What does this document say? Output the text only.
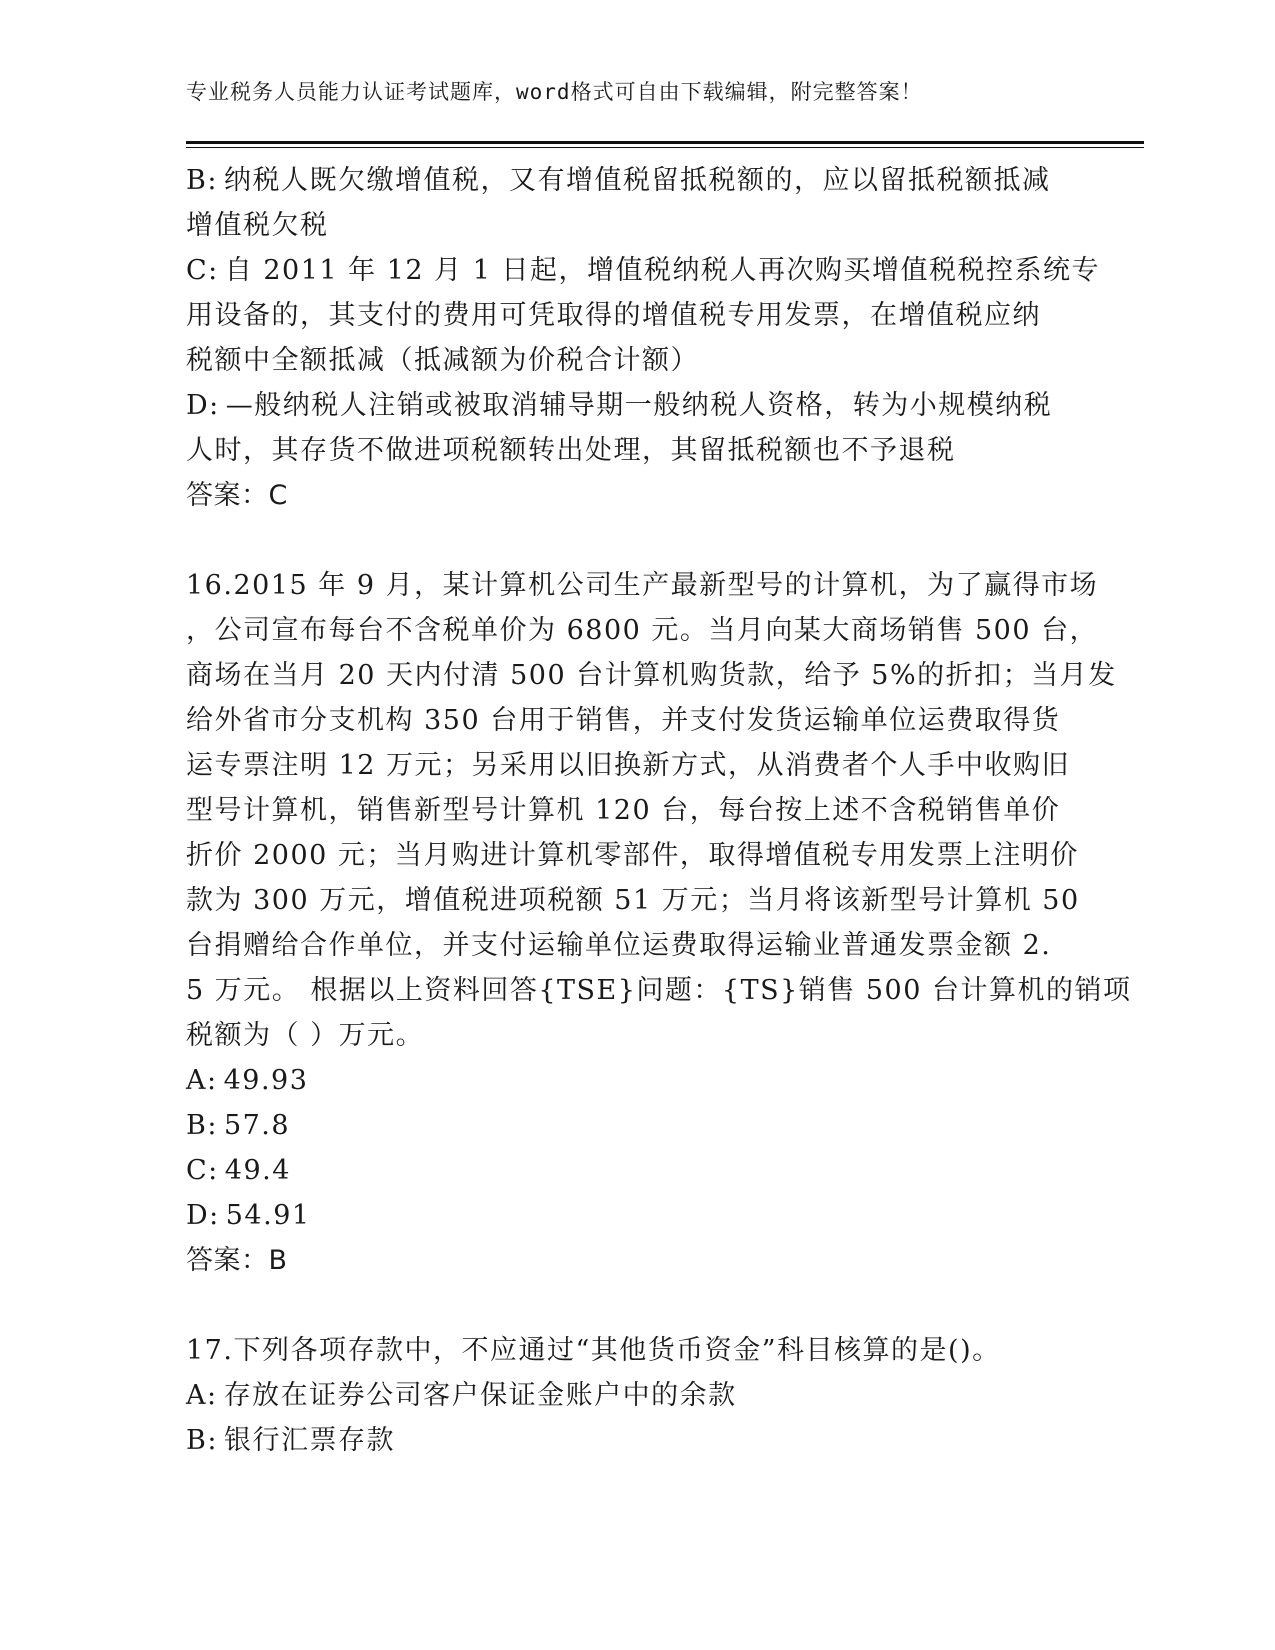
专业税务人员能力认证考试题库，word格式可自由下载编辑，附完整答案！
B: 纳税人既欠缴增值税，又有增值税留抵税额的，应以留抵税额抵减
增值税欠税
C: 自 2011 年 12 月 1 日起，增值税纳税人再次购买增值税税控系统专
用设备的，其支付的费用可凭取得的增值税专用发票，在增值税应纳
税额中全额抵减（抵减额为价税合计额）
D: —般纳税人注销或被取消辅导期一般纳税人资格，转为小规模纳税
人时，其存货不做进项税额转出处理，其留抵税额也不予退税
答案：C
16.2015 年 9 月，某计算机公司生产最新型号的计算机，为了赢得市场
，公司宣布每台不含税单价为 6800 元。当月向某大商场销售 500 台，
商场在当月 20 天内付清 500 台计算机购货款，给予 5%的折扣；当月发
给外省市分支机构 350 台用于销售，并支付发货运输单位运费取得货
运专票注明 12 万元；另采用以旧换新方式，从消费者个人手中收购旧
型号计算机，销售新型号计算机 120 台，每台按上述不含税销售单价
折价 2000 元；当月购进计算机零部件，取得增值税专用发票上注明价
款为 300 万元，增值税进项税额 51 万元；当月将该新型号计算机 50
台捐赠给合作单位，并支付运输单位运费取得运输业普通发票金额 2.
5 万元。 根据以上资料回答{TSE}问题：{TS}销售 500 台计算机的销项
税额为（ ）万元。
A: 49.93
B: 57.8
C: 49.4
D: 54.91
答案：B
17.下列各项存款中，不应通过“其他货币资金”科目核算的是()。
A: 存放在证券公司客户保证金账户中的余款
B: 银行汇票存款
